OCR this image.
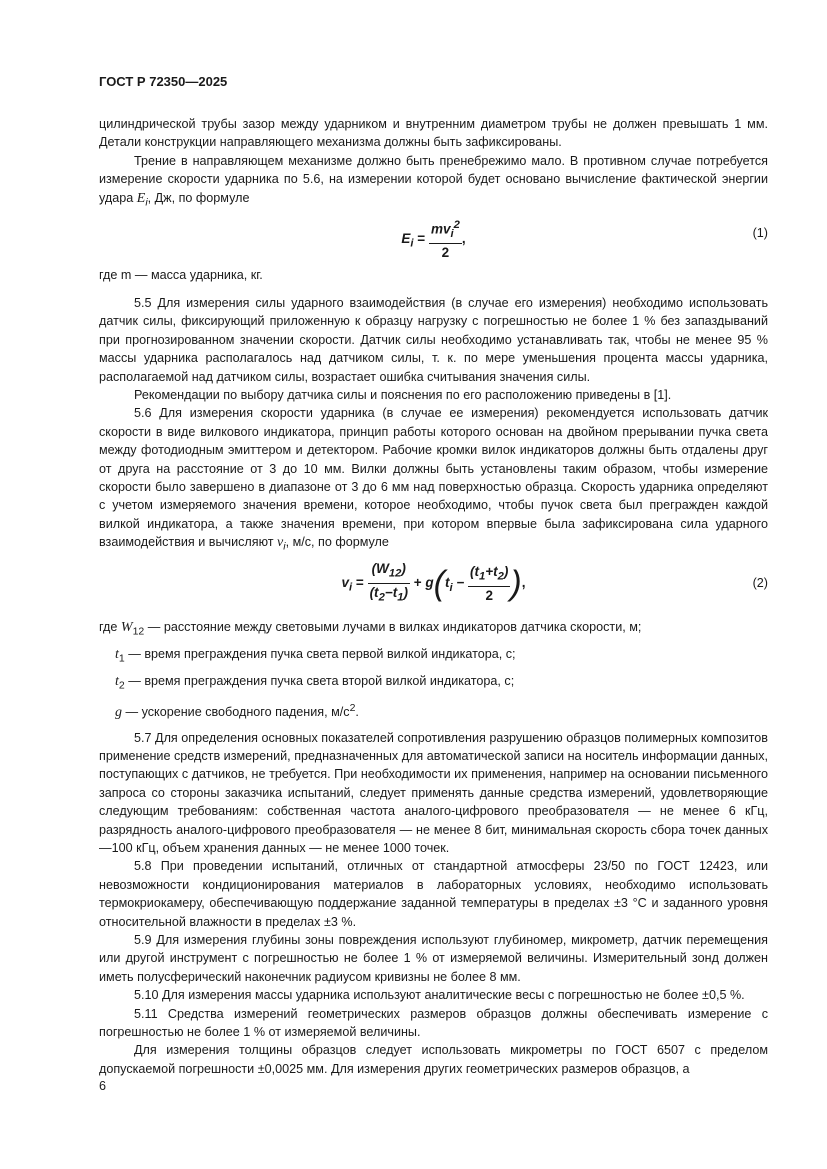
ГОСТ Р 72350—2025

цилиндрической трубы зазор между ударником и внутренним диаметром трубы не должен превышать 1 мм. Детали конструкции направляющего механизма должны быть зафиксированы.

Трение в направляющем механизме должно быть пренебрежимо мало. В противном случае потребуется измерение скорости ударника по 5.6, на измерении которой будет основано вычисление фактической энергии удара $E_i$, Дж, по формуле

$E_i = \frac{mv_i^2}{2}$ ,	(1)

где m — масса ударника, кг.

5.5 Для измерения силы ударного взаимодействия (в случае его измерения) необходимо использовать датчик силы, фиксирующий приложенную к образцу нагрузку с погрешностью не более 1 % без запаздываний при прогнозированном значении скорости. Датчик силы необходимо устанавливать так, чтобы не менее 95 % массы ударника располагалось над датчиком силы, т. к. по мере уменьшения процента массы ударника, располагаемой над датчиком силы, возрастает ошибка считывания значения силы.

Рекомендации по выбору датчика силы и пояснения по его расположению приведены в [1].

5.6 Для измерения скорости ударника (в случае ее измерения) рекомендуется использовать датчик скорости в виде вилкового индикатора, принцип работы которого основан на двойном прерывании пучка света между фотодиодным эмиттером и детектором. Рабочие кромки вилок индикаторов должны быть отдалены друг от друга на расстояние от 3 до 10 мм. Вилки должны быть установлены таким образом, чтобы измерение скорости было завершено в диапазоне от 3 до 6 мм над поверхностью образца. Скорость ударника определяют с учетом измеряемого значения времени, которое необходимо, чтобы пучок света был прегражден каждой вилкой индикатора, а также значения времени, при котором впервые была зафиксирована сила ударного взаимодействия и вычисляют $v_i$, м/с, по формуле

$v_i = \frac{(W_{12})}{(t_2-t_1)} + g(t_i - \frac{(t_1+t_2)}{2}$ ),	(2)
где $W_{12}$ — расстояние между световыми лучами в вилках индикаторов датчика скорости, м;
$t_1$ — время преграждения пучка света первой вилкой индикатора, с;
$t_2$ — время преграждения пучка света второй вилкой индикатора, с;
g — ускорение свободного падения, $м/с^2$.

5.7 Для определения основных показателей сопротивления разрушению образцов полимерных композитов применение средств измерений, предназначенных для автоматической записи на носитель информации данных, поступающих с датчиков, не требуется. При необходимости их применения, например на основании письменного запроса со стороны заказчика испытаний, следует применять данные средства измерений, удовлетворяющие следующим требованиям: собственная частота аналого-цифрового преобразователя — не менее 6 кГц, разрядность аналого-цифрового преобразователя — не менее 8 бит, минимальная скорость сбора точек данных —100 кГц, объем хранения данных — не менее 1000 точек.

5.8 При проведении испытаний, отличных от стандартной атмосферы 23/50 по ГОСТ 12423, или невозможности кондиционирования материалов в лабораторных условиях, необходимо использовать термокриокамеру, обеспечивающую поддержание заданной температуры в пределах ±3 °С и заданного уровня относительной влажности в пределах ±3 %.

5.9 Для измерения глубины зоны повреждения используют глубиномер, микрометр, датчик перемещения или другой инструмент с погрешностью не более 1 % от измеряемой величины. Измерительный зонд должен иметь полусферический наконечник радиусом кривизны не более 8 мм.

5.10 Для измерения массы ударника используют аналитические весы с погрешностью не более ±0,5 %.

5.11 Средства измерений геометрических размеров образцов должны обеспечивать измерение с погрешностью не более 1 % от измеряемой величины.

Для измерения толщины образцов следует использовать микрометры по ГОСТ 6507 с пределом допускаемой погрешности ±0,0025 мм. Для измерения других геометрических размеров образцов, а

6
